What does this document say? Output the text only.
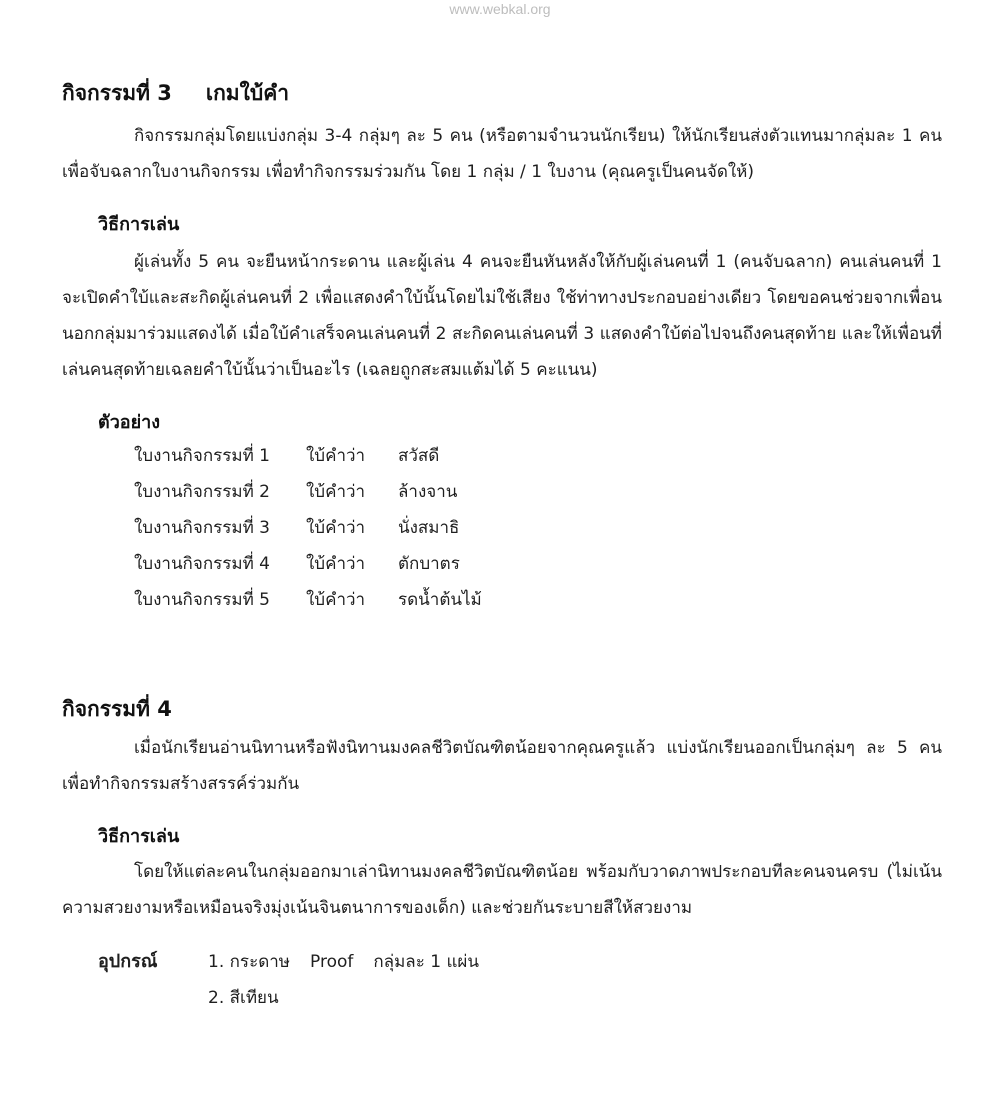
www.webkal.org
กิจกรรมที่ 3 เกมใบ้คำ

กิจกรรมกลุ่มโดยแบ่งกลุ่ม 3-4 กลุ่มๆ ละ 5 คน (หรือตามจำนวนนักเรียน) ให้นักเรียนส่งตัวแทนมากลุ่มละ 1 คนเพื่อจับฉลากใบงานกิจกรรม เพื่อทำกิจกรรมร่วมกัน โดย 1 กลุ่ม / 1 ใบงาน (คุณครูเป็นคนจัดให้)

วิธีการเล่น

ผู้เล่นทั้ง 5 คน จะยืนหน้ากระดาน และผู้เล่น 4 คนจะยืนหันหลังให้กับผู้เล่นคนที่ 1 (คนจับฉลาก) คนเล่นคนที่ 1 จะเปิดคำใบ้และสะกิดผู้เล่นคนที่ 2 เพื่อแสดงคำใบ้นั้นโดยไม่ใช้เสียง ใช้ท่าทางประกอบอย่างเดียว โดยขอคนช่วยจากเพื่อนนอกกลุ่มมาร่วมแสดงได้ เมื่อใบ้คำเสร็จคนเล่นคนที่ 2 สะกิดคนเล่นคนที่ 3 แสดงคำใบ้ต่อไปจนถึงคนสุดท้าย และให้เพื่อนที่เล่นคนสุดท้ายเฉลยคำใบ้นั้นว่าเป็นอะไร (เฉลยถูกสะสมแต้มได้ 5 คะแนน)

ตัวอย่าง
ใบงานกิจกรรมที่ 1 ใบ้คำว่า สวัสดี
ใบงานกิจกรรมที่ 2 ใบ้คำว่า ล้างจาน
ใบงานกิจกรรมที่ 3 ใบ้คำว่า นั่งสมาธิ
ใบงานกิจกรรมที่ 4 ใบ้คำว่า ตักบาตร
ใบงานกิจกรรมที่ 5 ใบ้คำว่า รดน้ำต้นไม้
กิจกรรมที่ 4

เมื่อนักเรียนอ่านนิทานหรือฟังนิทานมงคลชีวิตบัณฑิตน้อยจากคุณครูแล้ว แบ่งนักเรียนออกเป็นกลุ่มๆ ละ 5 คน เพื่อทำกิจกรรมสร้างสรรค์ร่วมกัน

วิธีการเล่น

โดยให้แต่ละคนในกลุ่มออกมาเล่านิทานมงคลชีวิตบัณฑิตน้อย พร้อมกับวาดภาพประกอบทีละคนจนครบ (ไม่เน้นความสวยงามหรือเหมือนจริงมุ่งเน้นจินตนาการของเด็ก) และช่วยกันระบายสีให้สวยงาม

อุปกรณ์	1. กระดาษ Proof กลุ่มละ 1 แผ่น
2. สีเทียน
